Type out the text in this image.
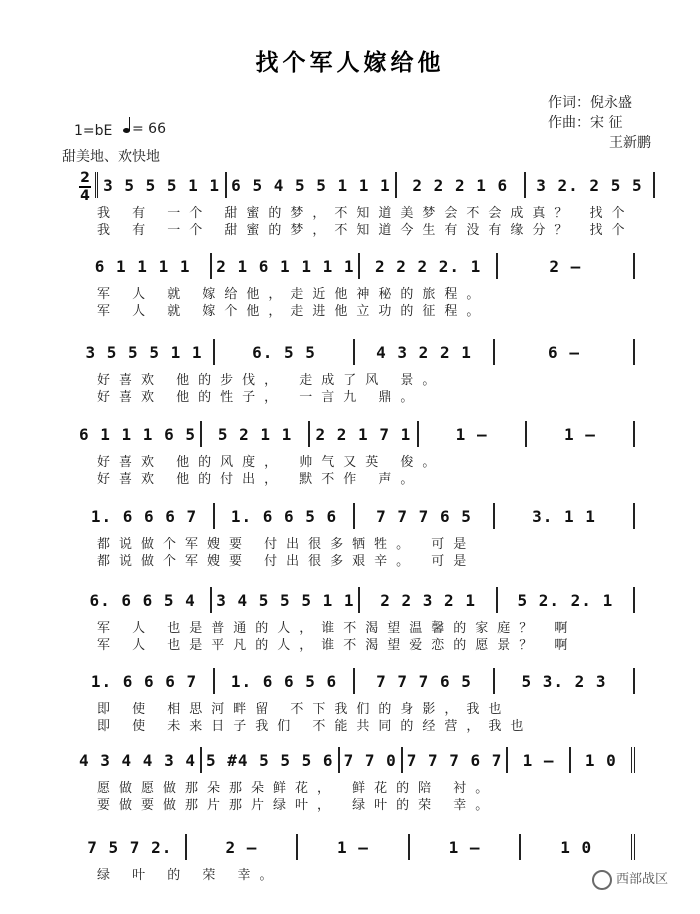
找个军人嫁给他
作词：倪永盛
作曲：宋 征
王新鹏
1=bE	= 66
甜美地、欢快地
2
4
3 5 5 5 1 1 6 5 4 5 5 1 1 1	2 2 2 1 6	3 2. 2 5 5
我 有 一个 甜蜜的梦，不知道美梦会不会成真？ 找个
我 有 一个 甜蜜的梦，不知道今生有没有缘分？ 找个
6 1 1 1 1	2 1 6 1 1 1 1	2 2 2 2. 1	2 –
军 人 就 嫁给他，走近他神秘的旅程。
军 人 就 嫁个他，走进他立功的征程。
3 5 5 5 1 1	6. 5 5	4 3 2 2 1	6 –
好喜欢 他的步伐， 走成了风 景。
好喜欢 他的性子， 一言九 鼎。
6 1 1 1 6 5	5 2 1 1	2 2 1 7 1	1 –	1 –
好喜欢 他的风度， 帅气又英 俊。
好喜欢 他的付出， 默不作 声。
1. 6 6 6 7	1. 6 6 5 6	7 7 7 6 5	3. 1 1
都说做个军嫂要 付出很多牺牲。 可是
都说做个军嫂要 付出很多艰辛。 可是
6. 6 6 5 4	3 4 5 5 5 1 1	2 2 3 2 1	5 2. 2. 1
军 人 也是普通的人，谁不渴望温馨的家庭？ 啊
军 人 也是平凡的人，谁不渴望爱恋的愿景？ 啊
1. 6 6 6 7	1. 6 6 5 6	7 7 7 6 5	5 3. 2 3
即 使 相思河畔留 不下我们的身影，我也
即 使 未来日子我们 不能共同的经营，我也
4 3 4 4 3 4 5 #4 5 5 5 6 7 7 0 7 7 7 6 7	1 –	1 0
愿做愿做那朵那朵鲜花， 鲜花的陪 衬。
要做要做那片那片绿叶， 绿叶的荣 幸。
7 5 7 2.	2 –	1 –	1 –	1 0
绿 叶 的 荣 幸。	西部战区
